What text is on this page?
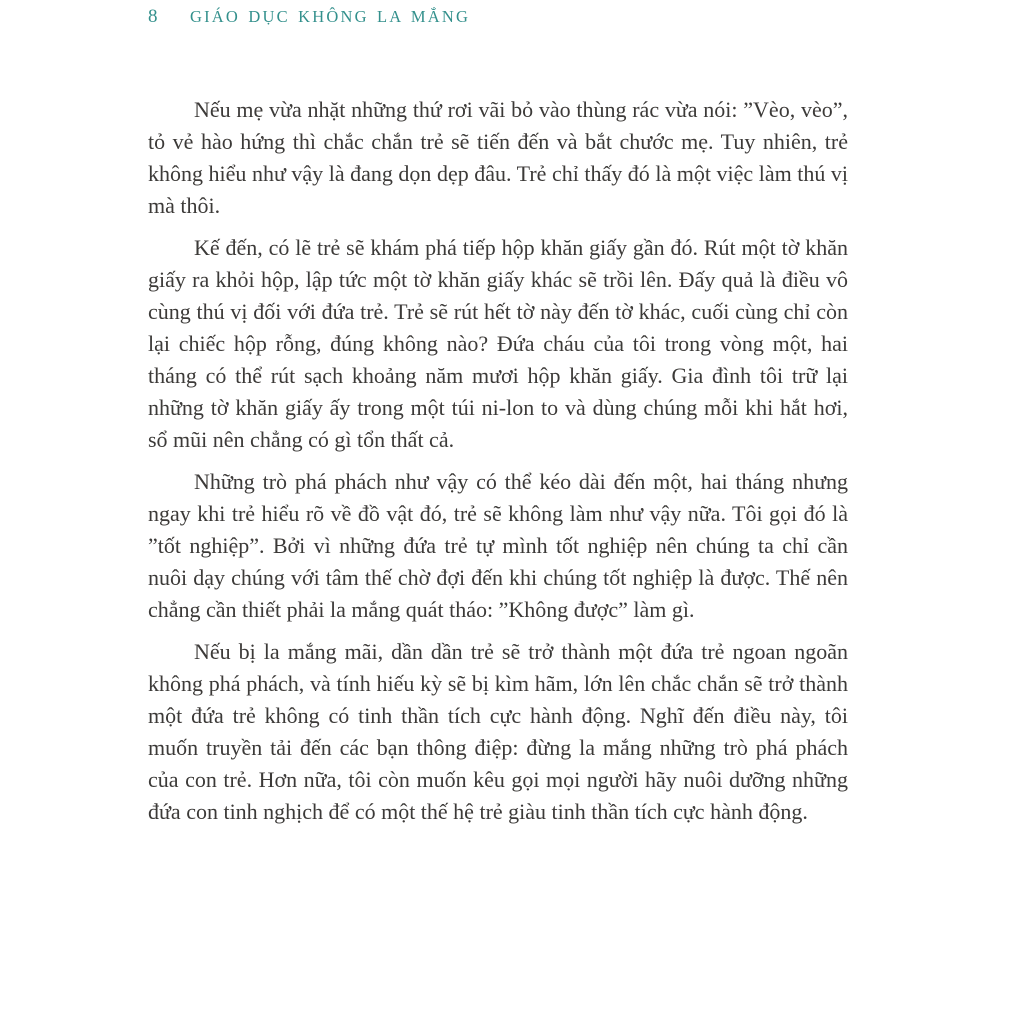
8 GIÁO DỤC KHÔNG LA MẮNG

Nếu mẹ vừa nhặt những thứ rơi vãi bỏ vào thùng rác vừa nói: ”Vèo, vèo”, tỏ vẻ hào hứng thì chắc chắn trẻ sẽ tiến đến và bắt chước mẹ. Tuy nhiên, trẻ không hiểu như vậy là đang dọn dẹp đâu. Trẻ chỉ thấy đó là một việc làm thú vị mà thôi.

Kế đến, có lẽ trẻ sẽ khám phá tiếp hộp khăn giấy gần đó. Rút một tờ khăn giấy ra khỏi hộp, lập tức một tờ khăn giấy khác sẽ trồi lên. Đấy quả là điều vô cùng thú vị đối với đứa trẻ. Trẻ sẽ rút hết tờ này đến tờ khác, cuối cùng chỉ còn lại chiếc hộp rỗng, đúng không nào? Đứa cháu của tôi trong vòng một, hai tháng có thể rút sạch khoảng năm mươi hộp khăn giấy. Gia đình tôi trữ lại những tờ khăn giấy ấy trong một túi ni-lon to và dùng chúng mỗi khi hắt hơi, sổ mũi nên chẳng có gì tổn thất cả.

Những trò phá phách như vậy có thể kéo dài đến một, hai tháng nhưng ngay khi trẻ hiểu rõ về đồ vật đó, trẻ sẽ không làm như vậy nữa. Tôi gọi đó là ”tốt nghiệp”. Bởi vì những đứa trẻ tự mình tốt nghiệp nên chúng ta chỉ cần nuôi dạy chúng với tâm thế chờ đợi đến khi chúng tốt nghiệp là được. Thế nên chẳng cần thiết phải la mắng quát tháo: ”Không được” làm gì.

Nếu bị la mắng mãi, dần dần trẻ sẽ trở thành một đứa trẻ ngoan ngoãn không phá phách, và tính hiếu kỳ sẽ bị kìm hãm, lớn lên chắc chắn sẽ trở thành một đứa trẻ không có tinh thần tích cực hành động. Nghĩ đến điều này, tôi muốn truyền tải đến các bạn thông điệp: đừng la mắng những trò phá phách của con trẻ. Hơn nữa, tôi còn muốn kêu gọi mọi người hãy nuôi dưỡng những đứa con tinh nghịch để có một thế hệ trẻ giàu tinh thần tích cực hành động.
